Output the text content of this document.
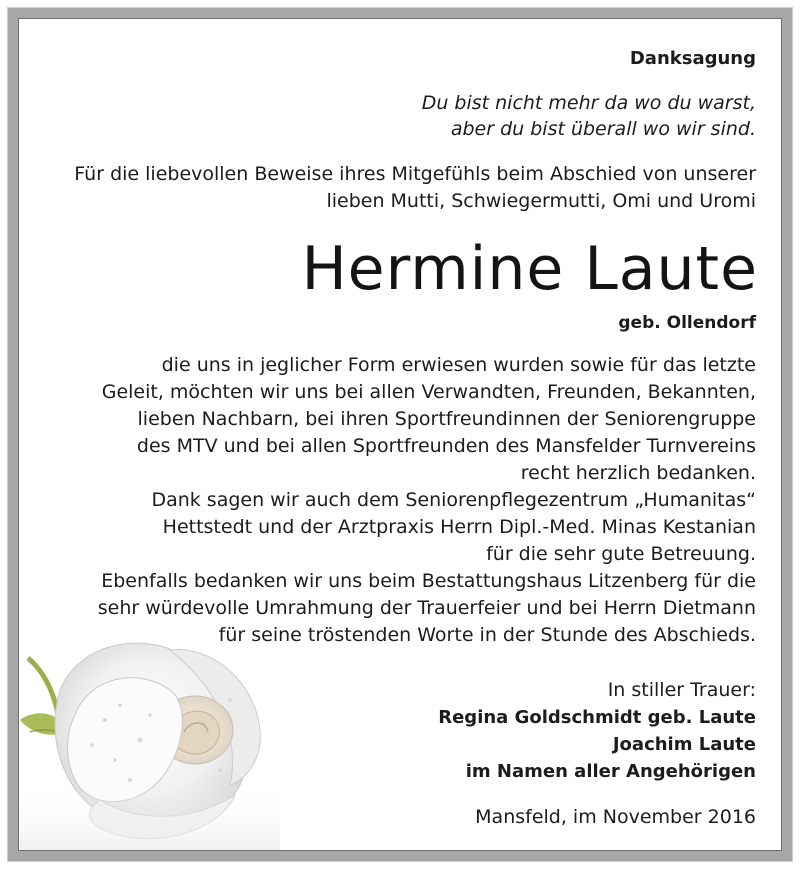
Danksagung
Du bist nicht mehr da wo du warst,
aber du bist überall wo wir sind.
Für die liebevollen Beweise ihres Mitgefühls beim Abschied von unserer
lieben Mutti, Schwiegermutti, Omi und Uromi
Hermine Laute
geb. Ollendorf
die uns in jeglicher Form erwiesen wurden sowie für das letzte
Geleit, möchten wir uns bei allen Verwandten, Freunden, Bekannten,
lieben Nachbarn, bei ihren Sportfreundinnen der Seniorengruppe
des MTV und bei allen Sportfreunden des Mansfelder Turnvereins
recht herzlich bedanken.
Dank sagen wir auch dem Seniorenpflegezentrum „Humanitas“
Hettstedt und der Arztpraxis Herrn Dipl.-Med. Minas Kestanian
für die sehr gute Betreuung.
Ebenfalls bedanken wir uns beim Bestattungshaus Litzenberg für die
sehr würdevolle Umrahmung der Trauerfeier und bei Herrn Dietmann
für seine tröstenden Worte in der Stunde des Abschieds.
In stiller Trauer:
Regina Goldschmidt geb. Laute
Joachim Laute
im Namen aller Angehörigen
Mansfeld, im November 2016
